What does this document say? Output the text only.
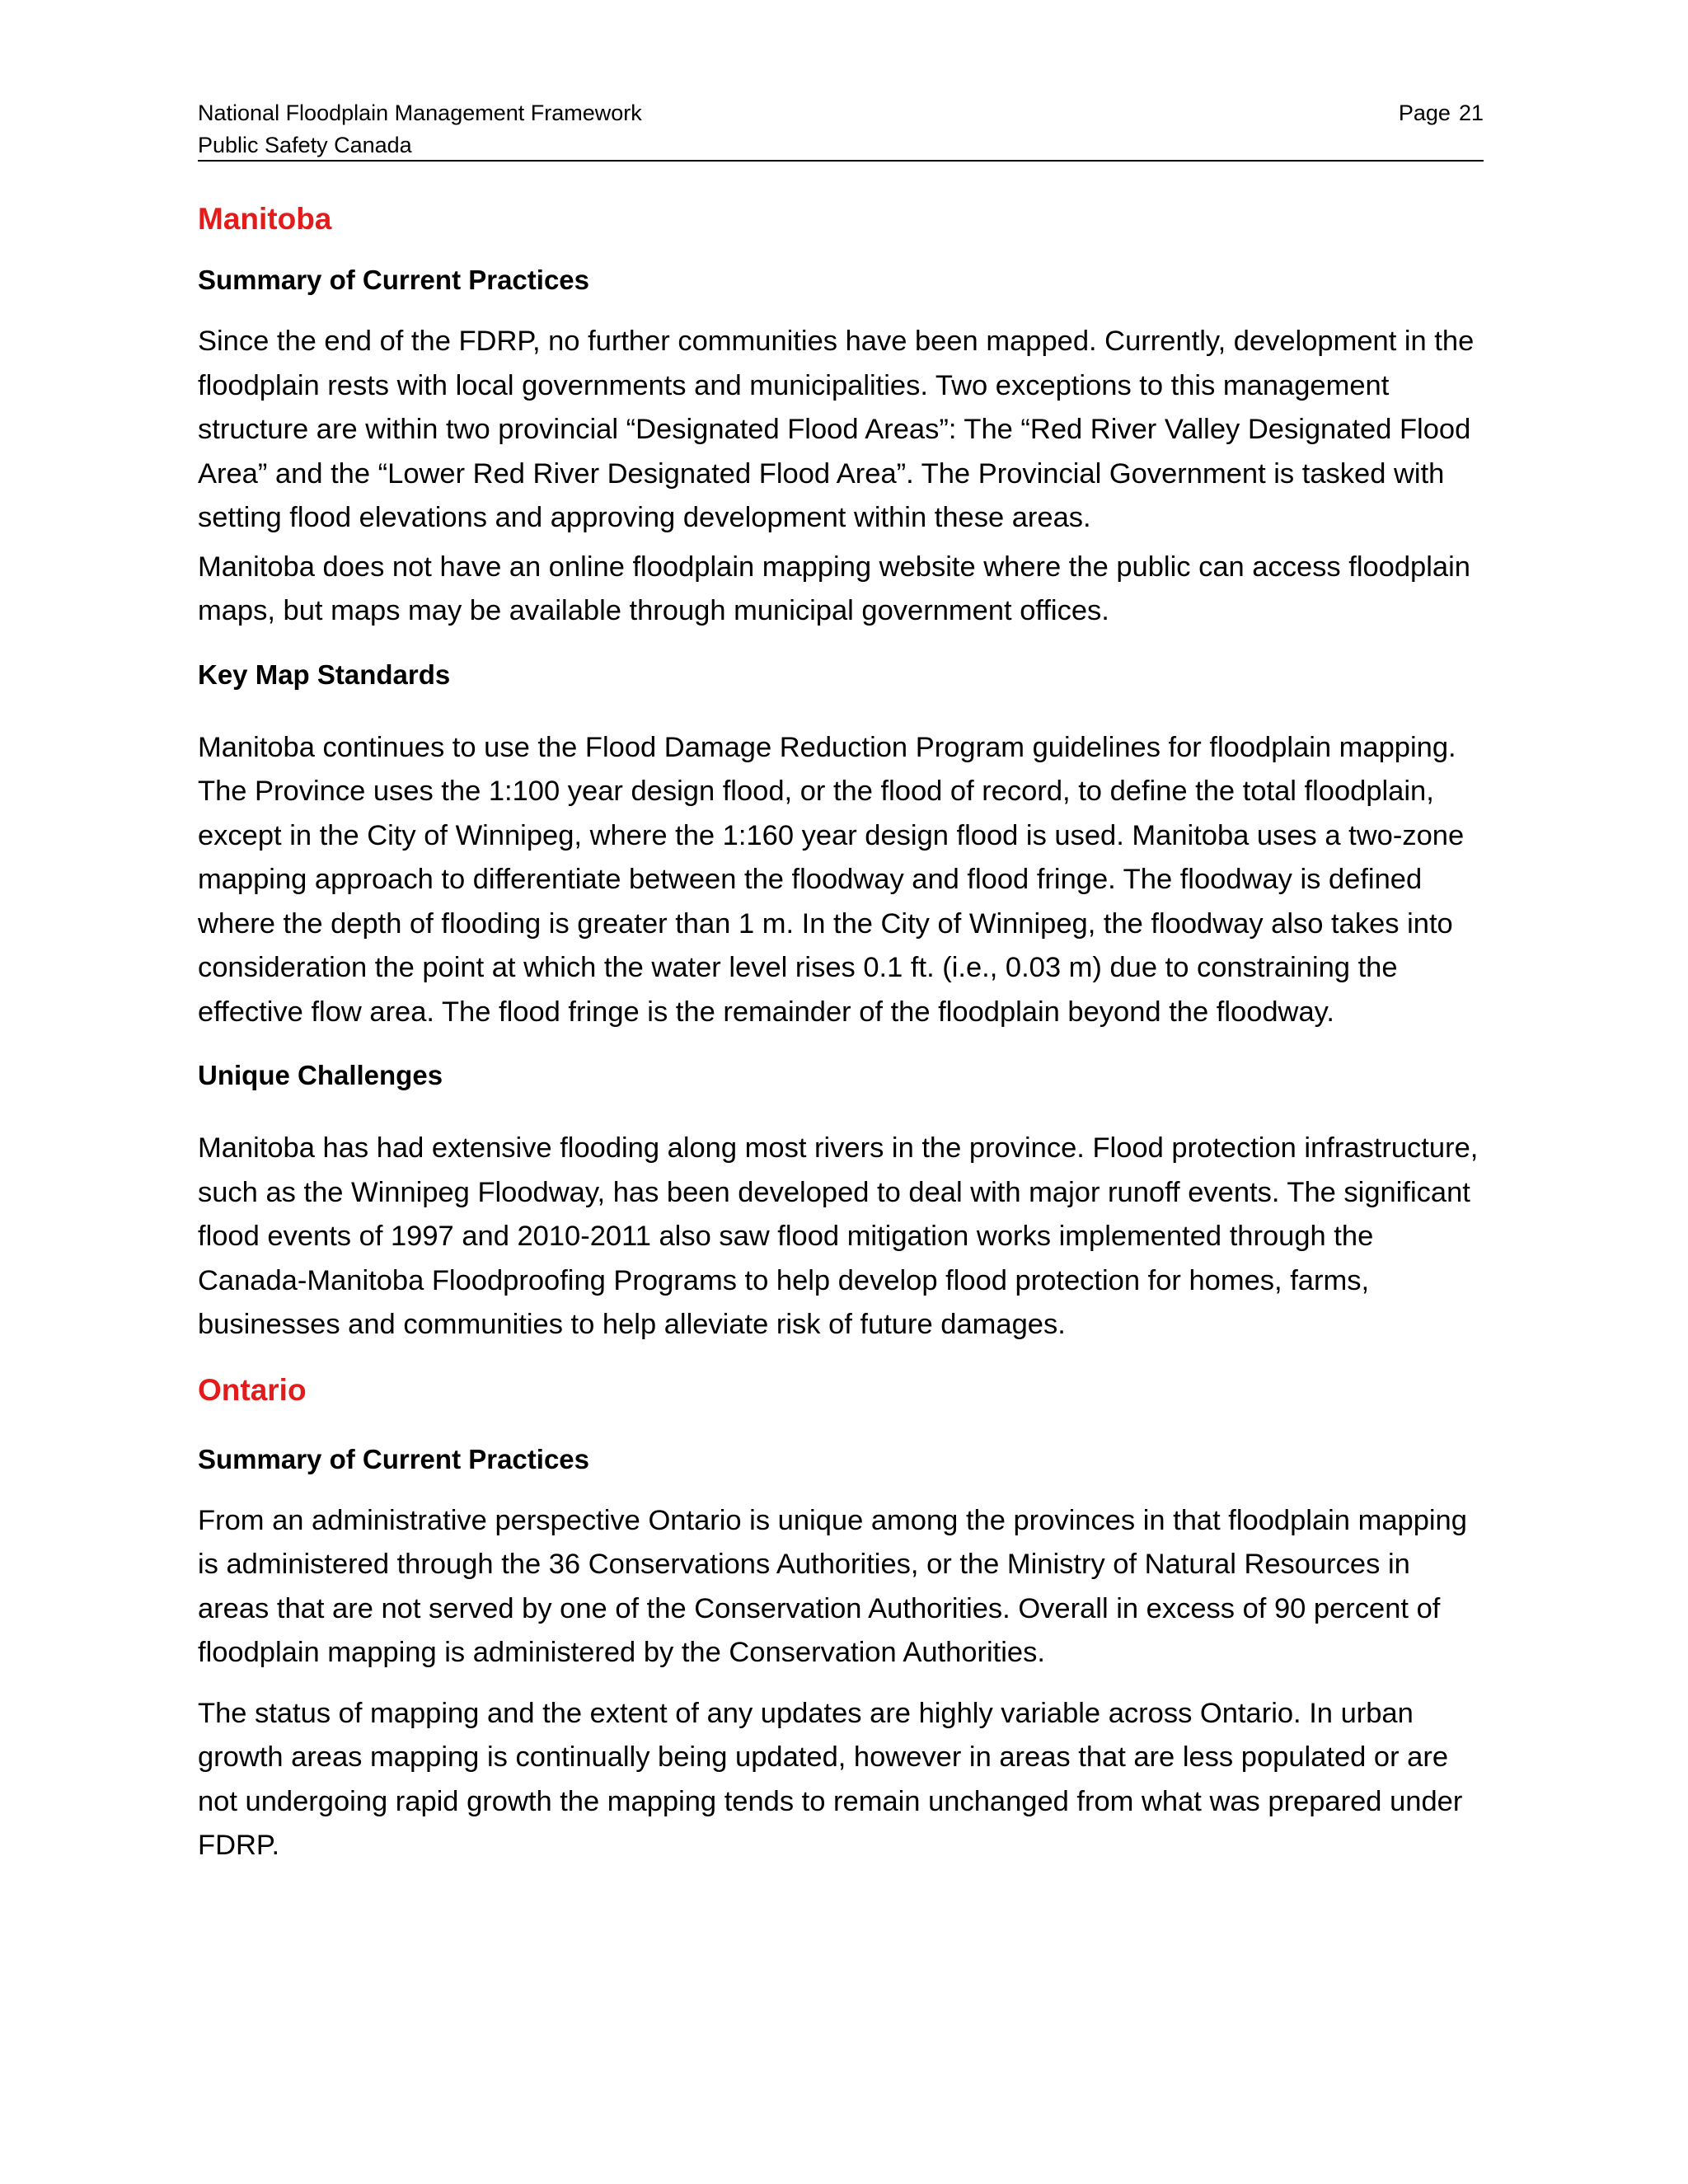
National Floodplain Management Framework
Public Safety Canada
Page 21
Manitoba
Summary of Current Practices

Since the end of the FDRP, no further communities have been mapped. Currently, development in the floodplain rests with local governments and municipalities. Two exceptions to this management structure are within two provincial “Designated Flood Areas”: The “Red River Valley Designated Flood Area” and the “Lower Red River Designated Flood Area”. The Provincial Government is tasked with setting flood elevations and approving development within these areas.

Manitoba does not have an online floodplain mapping website where the public can access floodplain maps, but maps may be available through municipal government offices.

Key Map Standards

Manitoba continues to use the Flood Damage Reduction Program guidelines for floodplain mapping. The Province uses the 1:100 year design flood, or the flood of record, to define the total floodplain, except in the City of Winnipeg, where the 1:160 year design flood is used. Manitoba uses a two-zone mapping approach to differentiate between the floodway and flood fringe. The floodway is defined where the depth of flooding is greater than 1 m. In the City of Winnipeg, the floodway also takes into consideration the point at which the water level rises 0.1 ft. (i.e., 0.03 m) due to constraining the effective flow area. The flood fringe is the remainder of the floodplain beyond the floodway.

Unique Challenges

Manitoba has had extensive flooding along most rivers in the province. Flood protection infrastructure, such as the Winnipeg Floodway, has been developed to deal with major runoff events. The significant flood events of 1997 and 2010-2011 also saw flood mitigation works implemented through the Canada-Manitoba Floodproofing Programs to help develop flood protection for homes, farms, businesses and communities to help alleviate risk of future damages.

Ontario
Summary of Current Practices

From an administrative perspective Ontario is unique among the provinces in that floodplain mapping is administered through the 36 Conservations Authorities, or the Ministry of Natural Resources in areas that are not served by one of the Conservation Authorities. Overall in excess of 90 percent of floodplain mapping is administered by the Conservation Authorities.

The status of mapping and the extent of any updates are highly variable across Ontario. In urban growth areas mapping is continually being updated, however in areas that are less populated or are not undergoing rapid growth the mapping tends to remain unchanged from what was prepared under FDRP.
